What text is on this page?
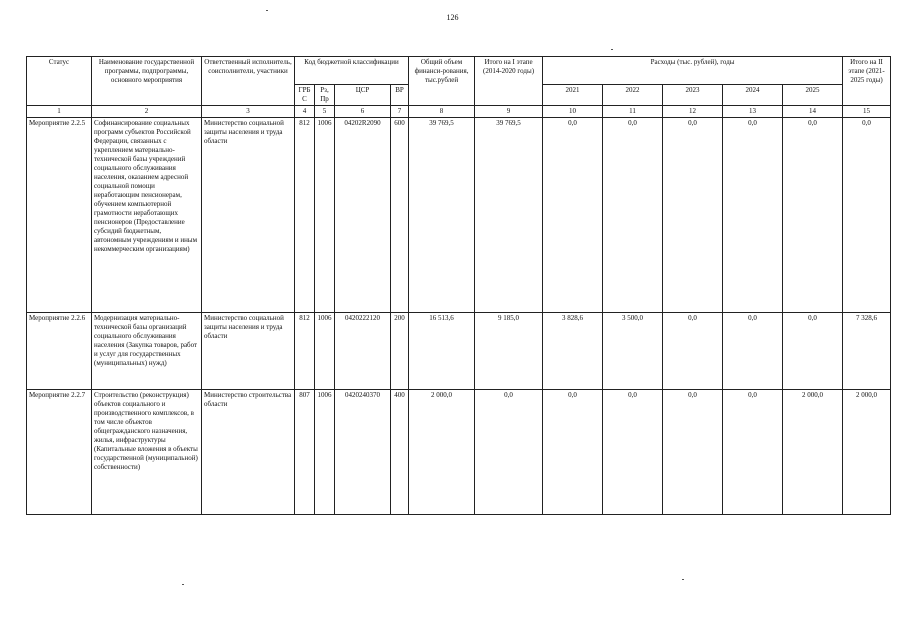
126
Статус	Наименование государственной программы, подпрограммы, основного мероприятия	Ответственный исполнитель, соисполнители, участники	Код бюджетной классификации				Общий объем финанси-рования, тыс.рублей	Итого на I этапе (2014-2020 годы)	Расходы (тыс. рублей), годы					Итого на II этапе (2021-2025 годы)
			ГРБ С	Рз, Пр	ЦСР	ВР			2021	2022	2023	2024	2025	
1	2	3	4	5	6	7	8	9	10	11	12	13	14	15
Мероприятие 2.2.5	Софинансирование социальных программ субъектов Российской Федерации, связанных с укреплением материально-технической базы учреждений социального обслуживания населения, оказанием адресной социальной помощи неработающим пенсионерам, обучением компьютерной грамотности неработающих пенсионеров (Предоставление субсидий бюджетным, автономным учреждениям и иным некоммерческим организациям)	Министерство социальной защиты населения и труда области	812	1006	04202R2090	600	39 769,5	39 769,5	0,0	0,0	0,0	0,0	0,0	0,0
Мероприятие 2.2.6	Модернизация материально-технической базы организаций социального обслуживания населения (Закупка товаров, работ и услуг для государственных (муниципальных) нужд)	Министерство социальной защиты населения и труда области	812	1006	0420222120	200	16 513,6	9 185,0	3 828,6	3 500,0	0,0	0,0	0,0	7 328,6
Мероприятие 2.2.7	Строительство (реконструкция) объектов социального и производственного комплексов, в том числе объектов общегражданского назначения, жилья, инфраструктуры (Капитальные вложения в объекты государственной (муниципальной) собственности)	Министерство строительства области	807	1006	0420240370	400	2 000,0	0,0	0,0	0,0	0,0	0,0	2 000,0	2 000,0
